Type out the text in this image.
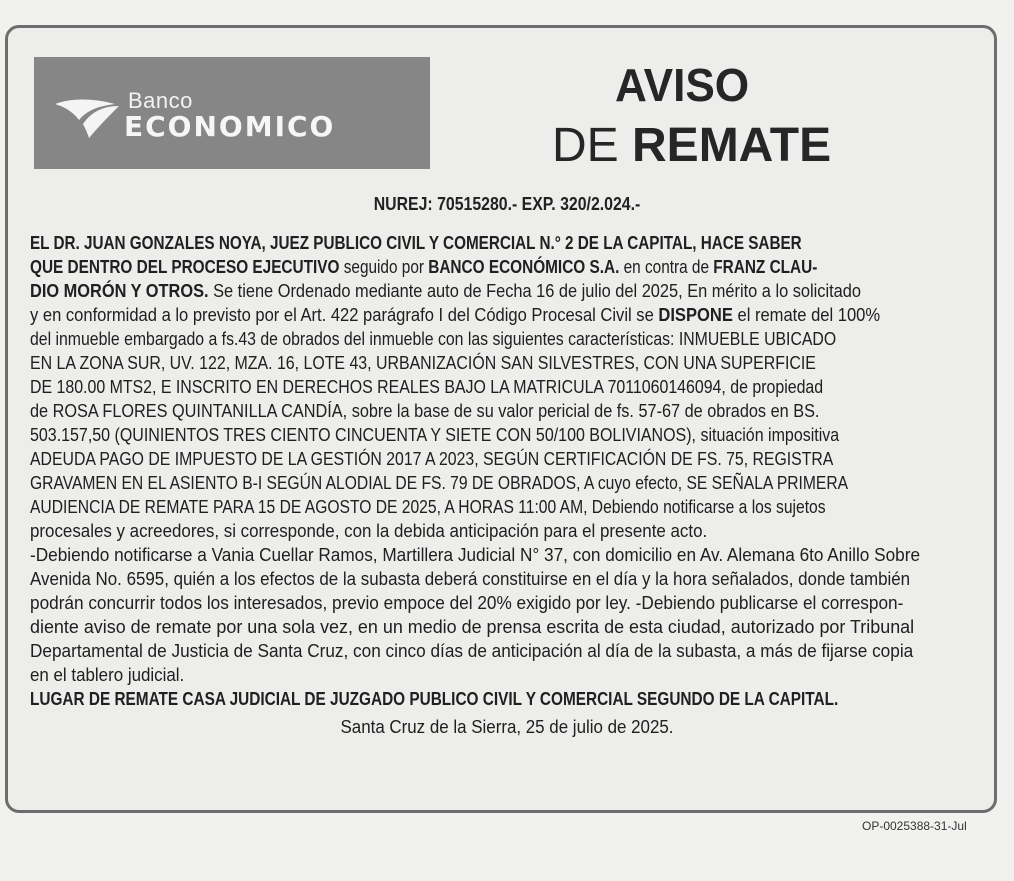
Banco
ECONOMICO
AVISO
DE REMATE
NUREJ: 70515280.- EXP. 320/2.024.-
EL DR. JUAN GONZALES NOYA, JUEZ PUBLICO CIVIL Y COMERCIAL N.° 2 DE LA CAPITAL, HACE SABER
QUE DENTRO DEL PROCESO EJECUTIVO seguido por BANCO ECONÓMICO S.A. en contra de FRANZ CLAU-
DIO MORÓN Y OTROS. Se tiene Ordenado mediante auto de Fecha 16 de julio del 2025, En mérito a lo solicitado
y en conformidad a lo previsto por el Art. 422 parágrafo I del Código Procesal Civil se DISPONE el remate del 100%
del inmueble embargado a fs.43 de obrados del inmueble con las siguientes características: INMUEBLE UBICADO
EN LA ZONA SUR, UV. 122, MZA. 16, LOTE 43, URBANIZACIÓN SAN SILVESTRES, CON UNA SUPERFICIE
DE 180.00 MTS2, E INSCRITO EN DERECHOS REALES BAJO LA MATRICULA 7011060146094, de propiedad
de ROSA FLORES QUINTANILLA CANDÍA, sobre la base de su valor pericial de fs. 57-67 de obrados en BS.
503.157,50 (QUINIENTOS TRES CIENTO CINCUENTA Y SIETE CON 50/100 BOLIVIANOS), situación impositiva
ADEUDA PAGO DE IMPUESTO DE LA GESTIÓN 2017 A 2023, SEGÚN CERTIFICACIÓN DE FS. 75, REGISTRA
GRAVAMEN EN EL ASIENTO B-I SEGÚN ALODIAL DE FS. 79 DE OBRADOS, A cuyo efecto, SE SEÑALA PRIMERA
AUDIENCIA DE REMATE PARA 15 DE AGOSTO DE 2025, A HORAS 11:00 AM, Debiendo notificarse a los sujetos
procesales y acreedores, si corresponde, con la debida anticipación para el presente acto.
-Debiendo notificarse a Vania Cuellar Ramos, Martillera Judicial N° 37, con domicilio en Av. Alemana 6to Anillo Sobre
Avenida No. 6595, quién a los efectos de la subasta deberá constituirse en el día y la hora señalados, donde también
podrán concurrir todos los interesados, previo empoce del 20% exigido por ley. -Debiendo publicarse el correspon-
diente aviso de remate por una sola vez, en un medio de prensa escrita de esta ciudad, autorizado por Tribunal
Departamental de Justicia de Santa Cruz, con cinco días de anticipación al día de la subasta, a más de fijarse copia
en el tablero judicial.
LUGAR DE REMATE CASA JUDICIAL DE JUZGADO PUBLICO CIVIL Y COMERCIAL SEGUNDO DE LA CAPITAL.
Santa Cruz de la Sierra, 25 de julio de 2025.
OP-0025388-31-Jul
